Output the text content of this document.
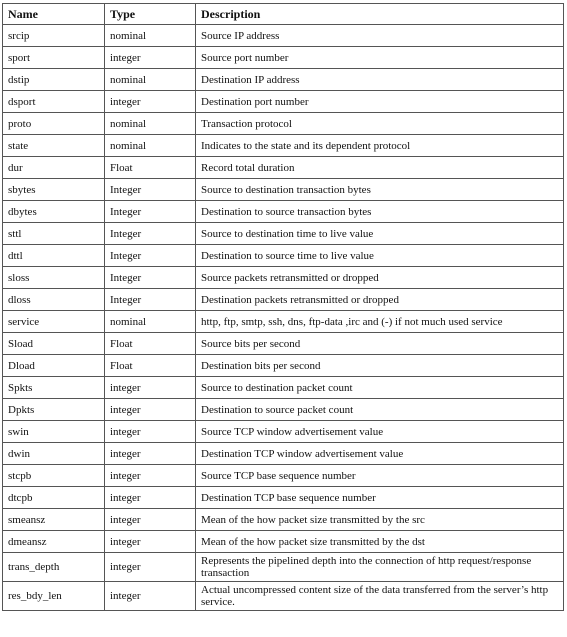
Name	Type	Description
srcip	nominal	Source IP address
sport	integer	Source port number
dstip	nominal	Destination IP address
dsport	integer	Destination port number
proto	nominal	Transaction protocol
state	nominal	Indicates to the state and its dependent protocol
dur	Float	Record total duration
sbytes	Integer	Source to destination transaction bytes
dbytes	Integer	Destination to source transaction bytes
sttl	Integer	Source to destination time to live value
dttl	Integer	Destination to source time to live value
sloss	Integer	Source packets retransmitted or dropped
dloss	Integer	Destination packets retransmitted or dropped
service	nominal	http, ftp, smtp, ssh, dns, ftp-data ,irc and (-) if not much used service
Sload	Float	Source bits per second
Dload	Float	Destination bits per second
Spkts	integer	Source to destination packet count
Dpkts	integer	Destination to source packet count
swin	integer	Source TCP window advertisement value
dwin	integer	Destination TCP window advertisement value
stcpb	integer	Source TCP base sequence number
dtcpb	integer	Destination TCP base sequence number
smeansz	integer	Mean of the how packet size transmitted by the src
dmeansz	integer	Mean of the how packet size transmitted by the dst
trans_depth	integer	Represents the pipelined depth into the connection of http request/response transaction
res_bdy_len	integer	Actual uncompressed content size of the data transferred from the server’s http service.
